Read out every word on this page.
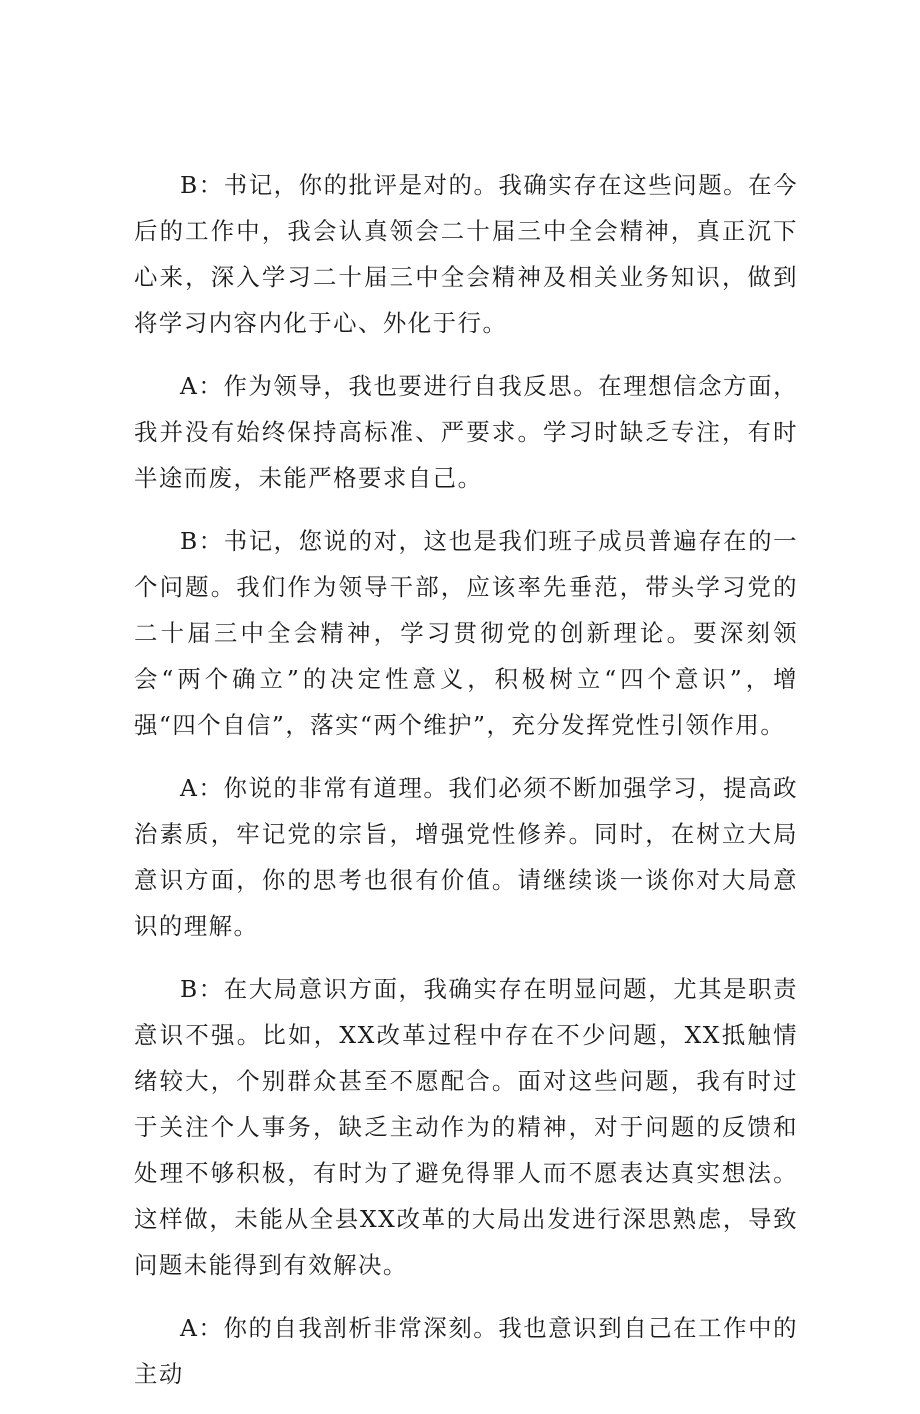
B：书记，你的批评是对的。我确实存在这些问题。在今后的工作中，我会认真领会二十届三中全会精神，真正沉下心来，深入学习二十届三中全会精神及相关业务知识，做到将学习内容内化于心、外化于行。

A：作为领导，我也要进行自我反思。在理想信念方面，我并没有始终保持高标准、严要求。学习时缺乏专注，有时半途而废，未能严格要求自己。

B：书记，您说的对，这也是我们班子成员普遍存在的一个问题。我们作为领导干部，应该率先垂范，带头学习党的二十届三中全会精神，学习贯彻党的创新理论。要深刻领会“两个确立”的决定性意义，积极树立“四个意识”，增强“四个自信”，落实“两个维护”，充分发挥党性引领作用。

A：你说的非常有道理。我们必须不断加强学习，提高政治素质，牢记党的宗旨，增强党性修养。同时，在树立大局意识方面，你的思考也很有价值。请继续谈一谈你对大局意识的理解。

B：在大局意识方面，我确实存在明显问题，尤其是职责意识不强。比如，XX改革过程中存在不少问题，XX抵触情绪较大，个别群众甚至不愿配合。面对这些问题，我有时过于关注个人事务，缺乏主动作为的精神，对于问题的反馈和处理不够积极，有时为了避免得罪人而不愿表达真实想法。这样做，未能从全县XX改革的大局出发进行深思熟虑，导致问题未能得到有效解决。

A：你的自我剖析非常深刻。我也意识到自己在工作中的主动
